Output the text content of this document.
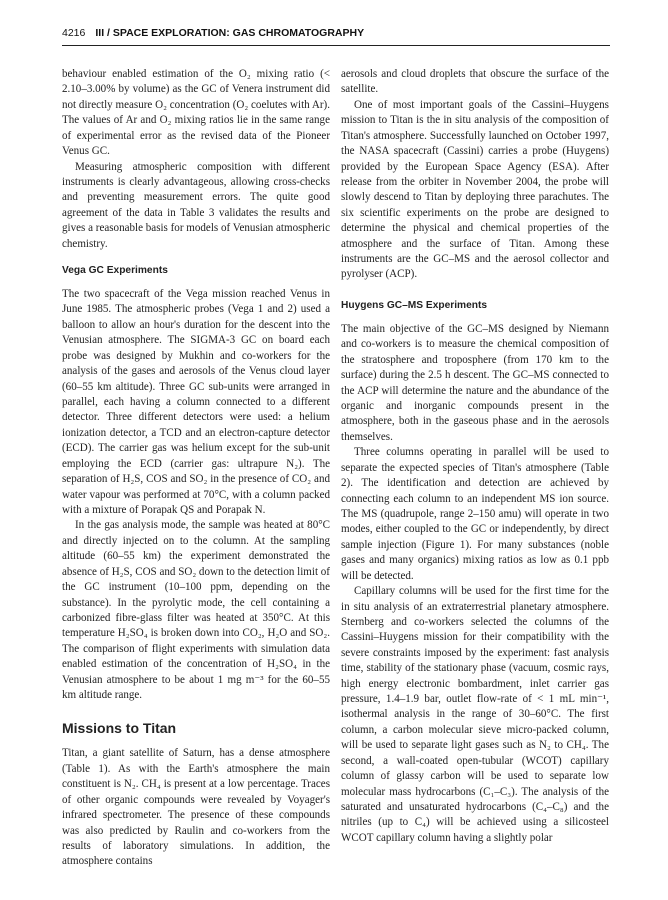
4216 III / SPACE EXPLORATION: GAS CHROMATOGRAPHY

behaviour enabled estimation of the O₂ mixing ratio (< 2.10–3.00% by volume) as the GC of Venera instrument did not directly measure O₂ concentration (O₂ coelutes with Ar). The values of Ar and O₂ mixing ratios lie in the same range of experimental error as the revised data of the Pioneer Venus GC.

Measuring atmospheric composition with different instruments is clearly advantageous, allowing cross-checks and preventing measurement errors. The quite good agreement of the data in Table 3 validates the results and gives a reasonable basis for models of Venusian atmospheric chemistry.

Vega GC Experiments

The two spacecraft of the Vega mission reached Venus in June 1985. The atmospheric probes (Vega 1 and 2) used a balloon to allow an hour's duration for the descent into the Venusian atmosphere. The SIGMA-3 GC on board each probe was designed by Mukhin and co-workers for the analysis of the gases and aerosols of the Venus cloud layer (60–55 km altitude). Three GC sub-units were arranged in parallel, each having a column connected to a different detector. Three different detectors were used: a helium ionization detector, a TCD and an electron-capture detector (ECD). The carrier gas was helium except for the sub-unit employing the ECD (carrier gas: ultrapure N₂). The separation of H₂S, COS and SO₂ in the presence of CO₂ and water vapour was performed at 70°C, with a column packed with a mixture of Porapak QS and Porapak N.

In the gas analysis mode, the sample was heated at 80°C and directly injected on to the column. At the sampling altitude (60–55 km) the experiment demonstrated the absence of H₂S, COS and SO₂ down to the detection limit of the GC instrument (10–100 ppm, depending on the substance). In the pyrolytic mode, the cell containing a carbonized fibre-glass filter was heated at 350°C. At this temperature H₂SO₄ is broken down into CO₂, H₂O and SO₂. The comparison of flight experiments with simulation data enabled estimation of the concentration of H₂SO₄ in the Venusian atmosphere to be about 1 mg m⁻³ for the 60–55 km altitude range.

Missions to Titan

Titan, a giant satellite of Saturn, has a dense atmosphere (Table 1). As with the Earth's atmosphere the main constituent is N₂. CH₄ is present at a low percentage. Traces of other organic compounds were revealed by Voyager's infrared spectrometer. The presence of these compounds was also predicted by Raulin and co-workers from the results of laboratory simulations. In addition, the atmosphere contains

aerosols and cloud droplets that obscure the surface of the satellite.

One of most important goals of the Cassini–Huygens mission to Titan is the in situ analysis of the composition of Titan's atmosphere. Successfully launched on October 1997, the NASA spacecraft (Cassini) carries a probe (Huygens) provided by the European Space Agency (ESA). After release from the orbiter in November 2004, the probe will slowly descend to Titan by deploying three parachutes. The six scientific experiments on the probe are designed to determine the physical and chemical properties of the atmosphere and the surface of Titan. Among these instruments are the GC–MS and the aerosol collector and pyrolyser (ACP).

Huygens GC–MS Experiments

The main objective of the GC–MS designed by Niemann and co-workers is to measure the chemical composition of the stratosphere and troposphere (from 170 km to the surface) during the 2.5 h descent. The GC–MS connected to the ACP will determine the nature and the abundance of the organic and inorganic compounds present in the atmosphere, both in the gaseous phase and in the aerosols themselves.

Three columns operating in parallel will be used to separate the expected species of Titan's atmosphere (Table 2). The identification and detection are achieved by connecting each column to an independent MS ion source. The MS (quadrupole, range 2–150 amu) will operate in two modes, either coupled to the GC or independently, by direct sample injection (Figure 1). For many substances (noble gases and many organics) mixing ratios as low as 0.1 ppb will be detected.

Capillary columns will be used for the first time for the in situ analysis of an extraterrestrial planetary atmosphere. Sternberg and co-workers selected the columns of the Cassini–Huygens mission for their compatibility with the severe constraints imposed by the experiment: fast analysis time, stability of the stationary phase (vacuum, cosmic rays, high energy electronic bombardment, inlet carrier gas pressure, 1.4–1.9 bar, outlet flow-rate of < 1 mL min⁻¹, isothermal analysis in the range of 30–60°C. The first column, a carbon molecular sieve micro-packed column, will be used to separate light gases such as N₂ to CH₄. The second, a wall-coated open-tubular (WCOT) capillary column of glassy carbon will be used to separate low molecular mass hydrocarbons (C₁–C₃). The analysis of the saturated and unsaturated hydrocarbons (C₄–C₈) and the nitriles (up to C₄) will be achieved using a silicosteel WCOT capillary column having a slightly polar
